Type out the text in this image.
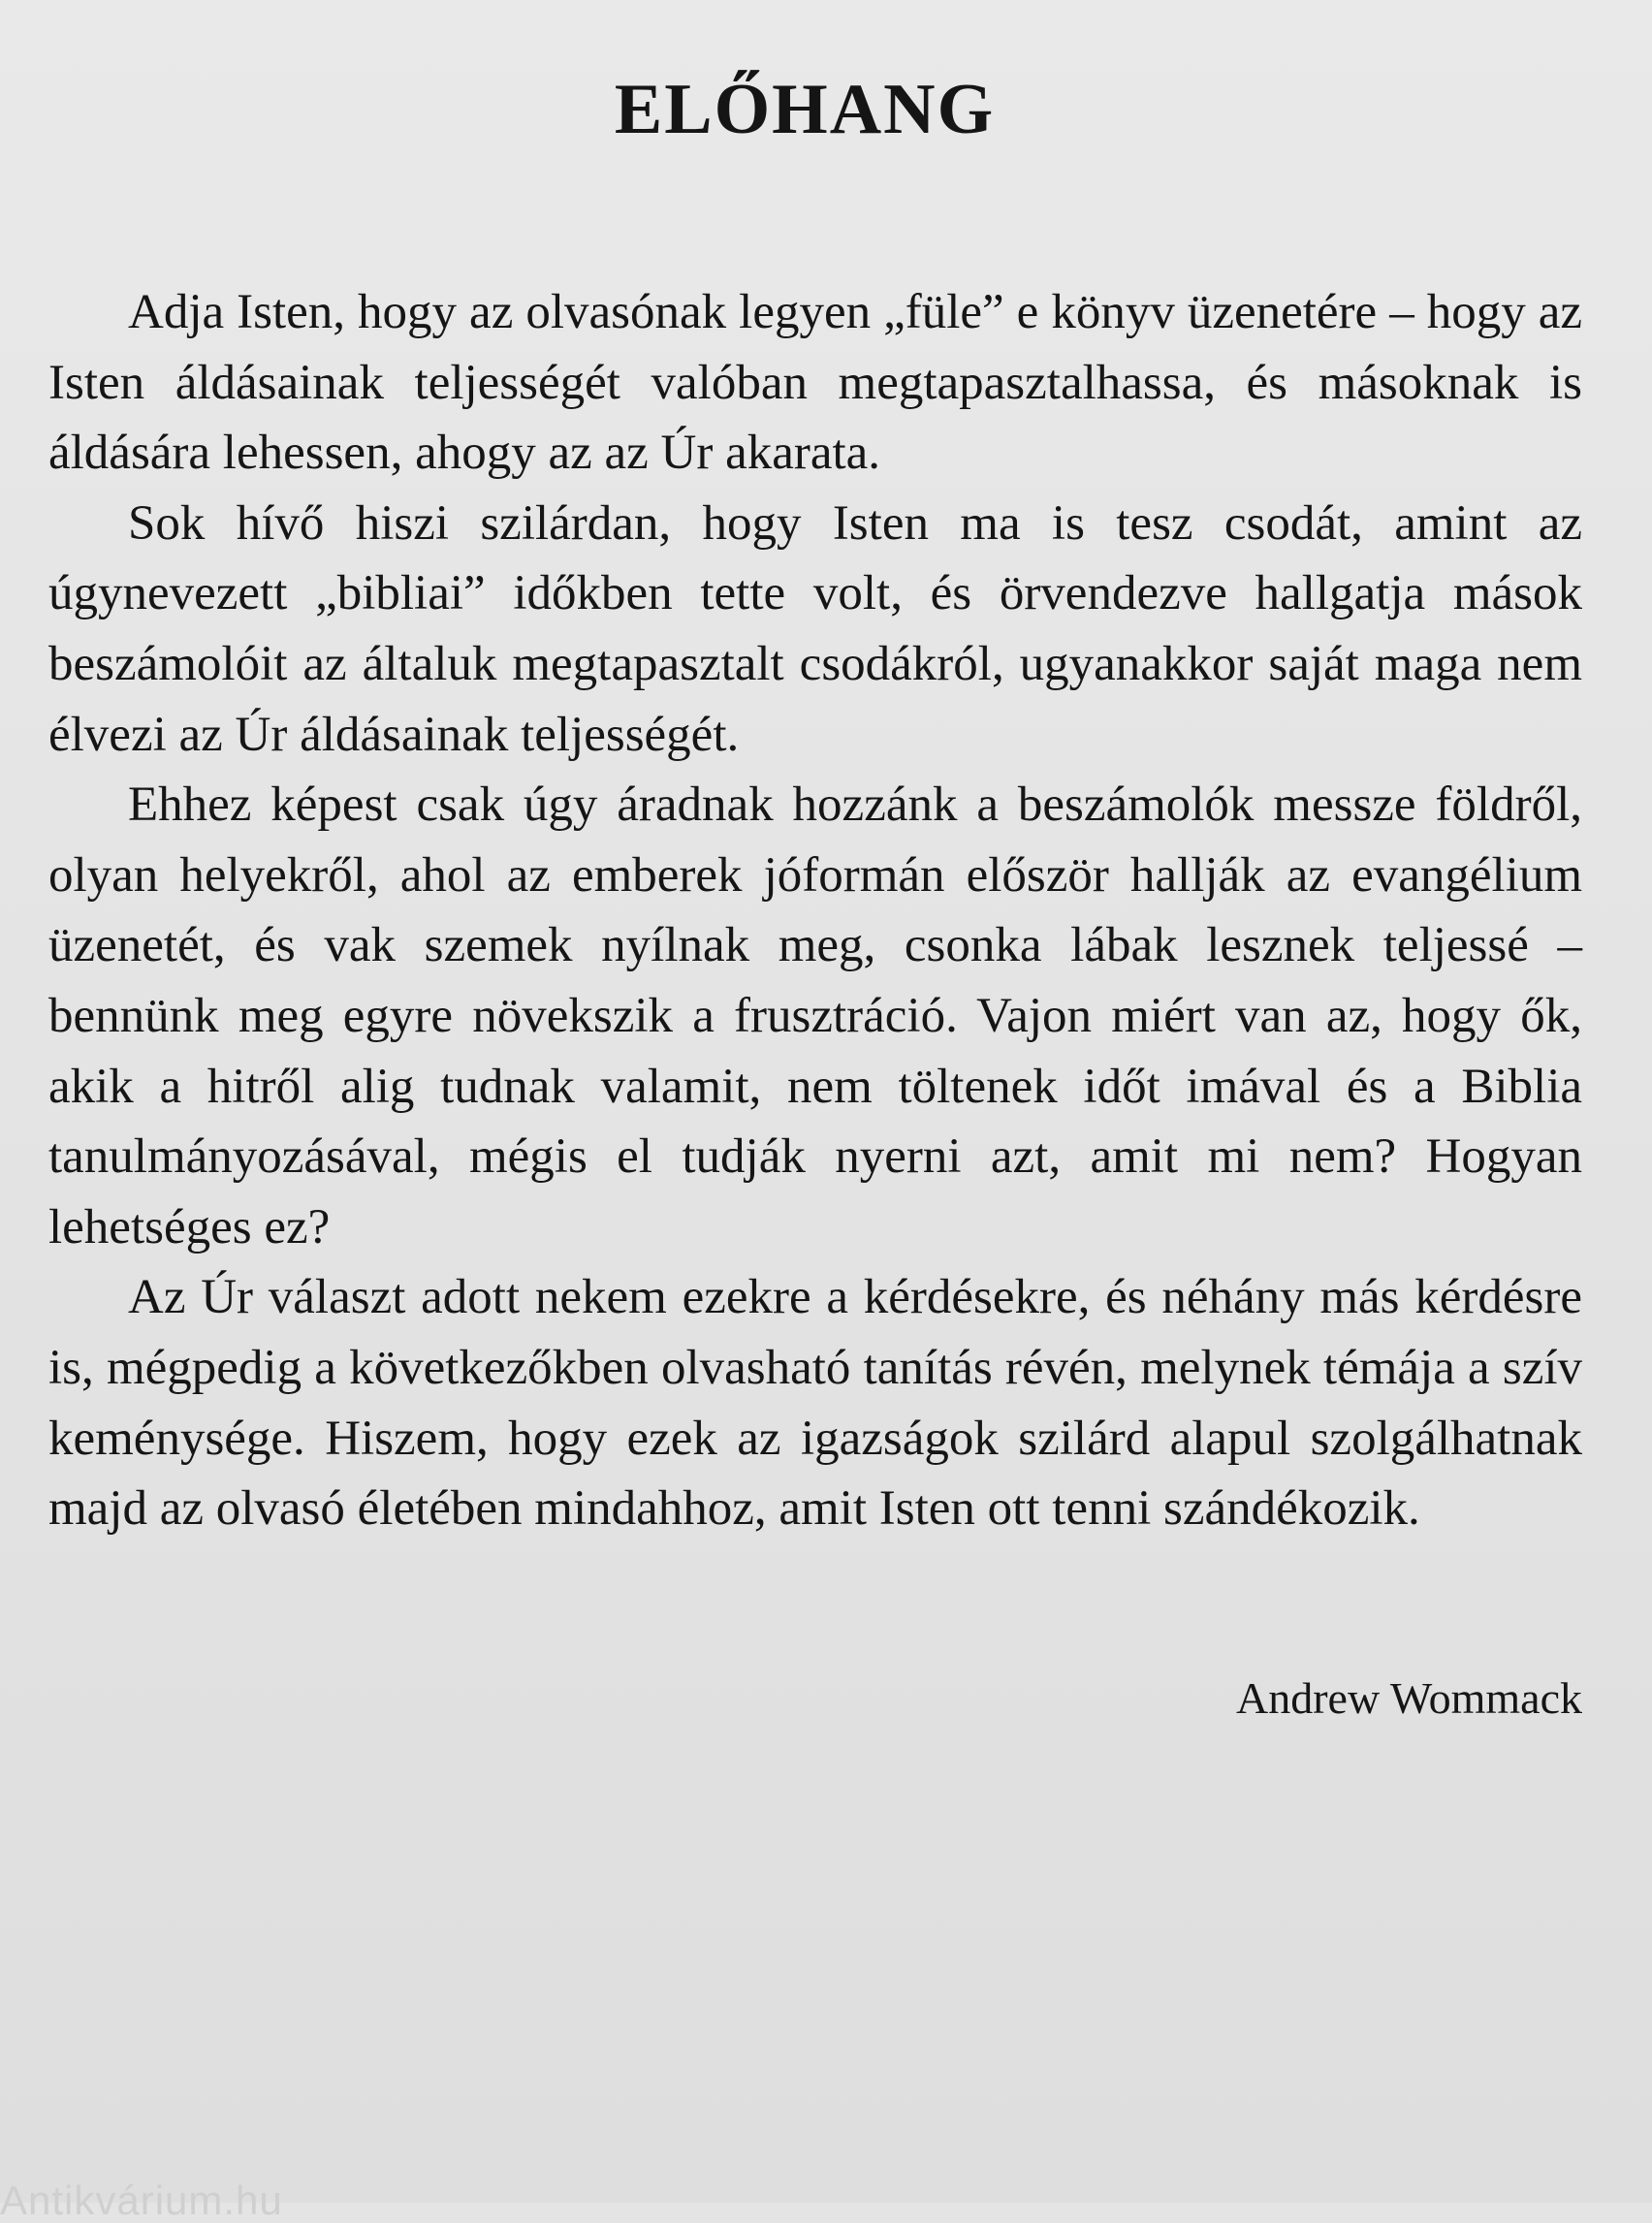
ELŐHANG

Adja Isten, hogy az olvasónak legyen „füle” e könyv üzenetére – hogy az Isten áldásainak teljességét valóban megtapasztalhassa, és másoknak is áldására lehessen, ahogy az az Úr akarata.

Sok hívő hiszi szilárdan, hogy Isten ma is tesz csodát, amint az úgynevezett „bibliai” időkben tette volt, és örvendezve hallgatja mások beszámolóit az általuk megtapasztalt csodákról, ugyanakkor saját maga nem élvezi az Úr áldásainak teljességét.

Ehhez képest csak úgy áradnak hozzánk a beszámolók messze földről, olyan helyekről, ahol az emberek jóformán először hallják az evangélium üzenetét, és vak szemek nyílnak meg, csonka lábak lesznek teljessé – bennünk meg egyre növekszik a frusztráció. Vajon miért van az, hogy ők, akik a hitről alig tudnak valamit, nem töltenek időt imával és a Biblia tanulmányozásával, mégis el tudják nyerni azt, amit mi nem? Hogyan lehetséges ez?

Az Úr választ adott nekem ezekre a kérdésekre, és néhány más kérdésre is, mégpedig a következőkben olvasható tanítás révén, melynek témája a szív keménysége. Hiszem, hogy ezek az igazságok szilárd alapul szolgálhatnak majd az olvasó életében mindahhoz, amit Isten ott tenni szándékozik.

Andrew Wommack

Antikvárium.hu
